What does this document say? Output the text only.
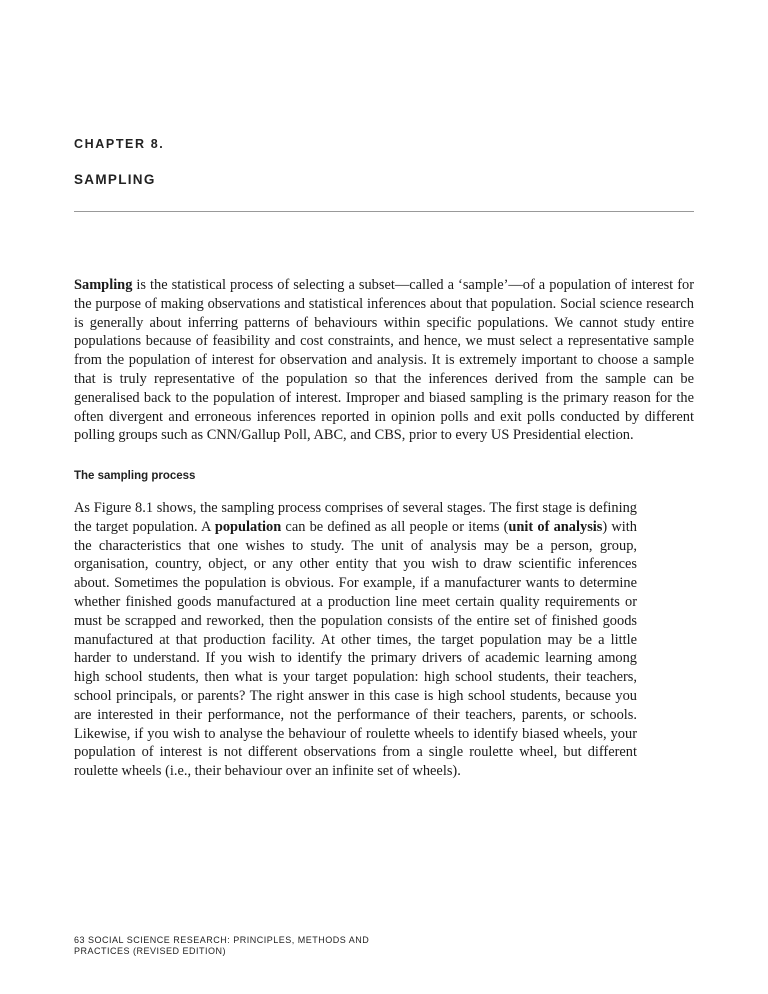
CHAPTER 8.
SAMPLING

Sampling is the statistical process of selecting a subset—called a ‘sample’—of a population of interest for the purpose of making observations and statistical inferences about that population. Social science research is generally about inferring patterns of behaviours within specific populations. We cannot study entire populations because of feasibility and cost constraints, and hence, we must select a representative sample from the population of interest for observation and analysis. It is extremely important to choose a sample that is truly representative of the population so that the inferences derived from the sample can be generalised back to the population of interest. Improper and biased sampling is the primary reason for the often divergent and erroneous inferences reported in opinion polls and exit polls conducted by different polling groups such as CNN/Gallup Poll, ABC, and CBS, prior to every US Presidential election.

The sampling process

As Figure 8.1 shows, the sampling process comprises of several stages. The first stage is defining the target population. A population can be defined as all people or items (unit of analysis) with the characteristics that one wishes to study. The unit of analysis may be a person, group, organisation, country, object, or any other entity that you wish to draw scientific inferences about. Sometimes the population is obvious. For example, if a manufacturer wants to determine whether finished goods manufactured at a production line meet certain quality requirements or must be scrapped and reworked, then the population consists of the entire set of finished goods manufactured at that production facility. At other times, the target population may be a little harder to understand. If you wish to identify the primary drivers of academic learning among high school students, then what is your target population: high school students, their teachers, school principals, or parents? The right answer in this case is high school students, because you are interested in their performance, not the performance of their teachers, parents, or schools. Likewise, if you wish to analyse the behaviour of roulette wheels to identify biased wheels, your population of interest is not different observations from a single roulette wheel, but different roulette wheels (i.e., their behaviour over an infinite set of wheels).

63 SOCIAL SCIENCE RESEARCH: PRINCIPLES, METHODS AND
PRACTICES (REVISED EDITION)
